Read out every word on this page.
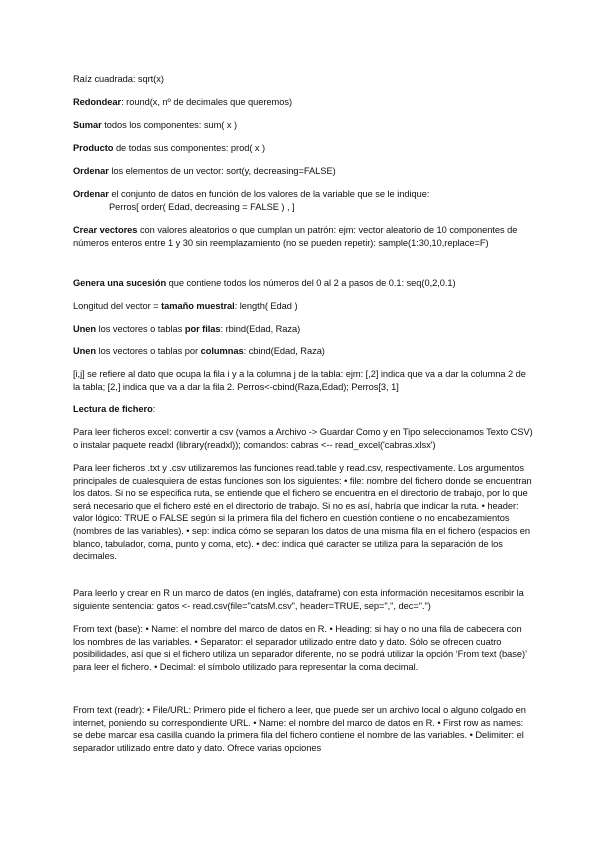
Raíz cuadrada: sqrt(x)

Redondear: round(x, nº de decimales que queremos)

Sumar todos los componentes: sum( x )

Producto de todas sus componentes: prod( x )

Ordenar los elementos de un vector: sort(y, decreasing=FALSE)

Ordenar el conjunto de datos en función de los valores de la variable que se le indique:

Perros[ order( Edad, decreasing = FALSE ) , ]

Crear vectores con valores aleatorios o que cumplan un patrón: ejm: vector aleatorio de 10 componentes de números enteros entre 1 y 30 sin reemplazamiento (no se pueden repetir): sample(1:30,10,replace=F)

Genera una sucesión que contiene todos los números del 0 al 2 a pasos de 0.1: seq(0,2,0.1)

Longitud del vector = tamaño muestral: length( Edad )

Unen los vectores o tablas por filas: rbind(Edad, Raza)

Unen los vectores o tablas por columnas: cbind(Edad, Raza)

[i,j] se refiere al dato que ocupa la fila i y a la columna j de la tabla: ejm: [,2] indica que va a dar la columna 2 de la tabla; [2,] indica que va a dar la fila 2. Perros<-cbind(Raza,Edad); Perros[3, 1]

Lectura de fichero:

Para leer ficheros excel: convertir a csv (vamos a Archivo -> Guardar Como y en Tipo seleccionamos Texto CSV) o instalar paquete readxl (library(readxl)); comandos: cabras <-- read_excel('cabras.xlsx')

Para leer ficheros .txt y .csv utilizaremos las funciones read.table y read.csv, respectivamente. Los argumentos principales de cualesquiera de estas funciones son los siguientes: • file: nombre del fichero donde se encuentran los datos. Si no se especifica ruta, se entiende que el fichero se encuentra en el directorio de trabajo, por lo que será necesario que el fichero esté en el directorio de trabajo. Si no es así, habría que indicar la ruta. • header: valor lógico: TRUE o FALSE según si la primera fila del fichero en cuestión contiene o no encabezamientos (nombres de las variables). • sep: indica cómo se separan los datos de una misma fila en el fichero (espacios en blanco, tabulador, coma, punto y coma, etc). • dec: indica qué caracter se utiliza para la separación de los decimales.

Para leerlo y crear en R un marco de datos (en inglés, dataframe) con esta información necesitamos escribir la siguiente sentencia: gatos <- read.csv(file="catsM.csv", header=TRUE, sep=",", dec=".")

From text (base): • Name: el nombre del marco de datos en R. • Heading: si hay o no una fila de cabecera con los nombres de las variables. • Separator: el separador utilizado entre dato y dato. Sólo se ofrecen cuatro posibilidades, así que si el fichero utiliza un separador diferente, no se podrá utilizar la opción ‘From text (base)’ para leer el fichero. • Decimal: el símbolo utilizado para representar la coma decimal.

From text (readr): • File/URL: Primero pide el fichero a leer, que puede ser un archivo local o alguno colgado en internet, poniendo su correspondiente URL. • Name: el nombre del marco de datos en R. • First row as names: se debe marcar esa casilla cuando la primera fila del fichero contiene el nombre de las variables. • Delimiter: el separador utilizado entre dato y dato. Ofrece varias opciones
